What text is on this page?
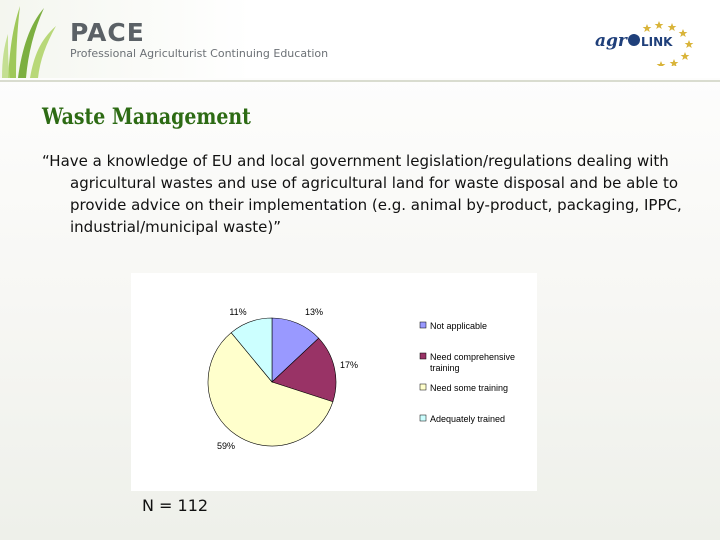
PACE
Professional Agriculturist Continuing Education
agr LINK
Waste Management

“Have a knowledge of EU and local government legislation/regulations dealing with agricultural wastes and use of agricultural land for waste disposal and be able to provide advice on their implementation (e.g. animal by-product, packaging, IPPC, industrial/municipal waste)”

13%
17%
59%
11%
Not applicable
Need comprehensive training
Need some training
Adequately trained
N = 112
